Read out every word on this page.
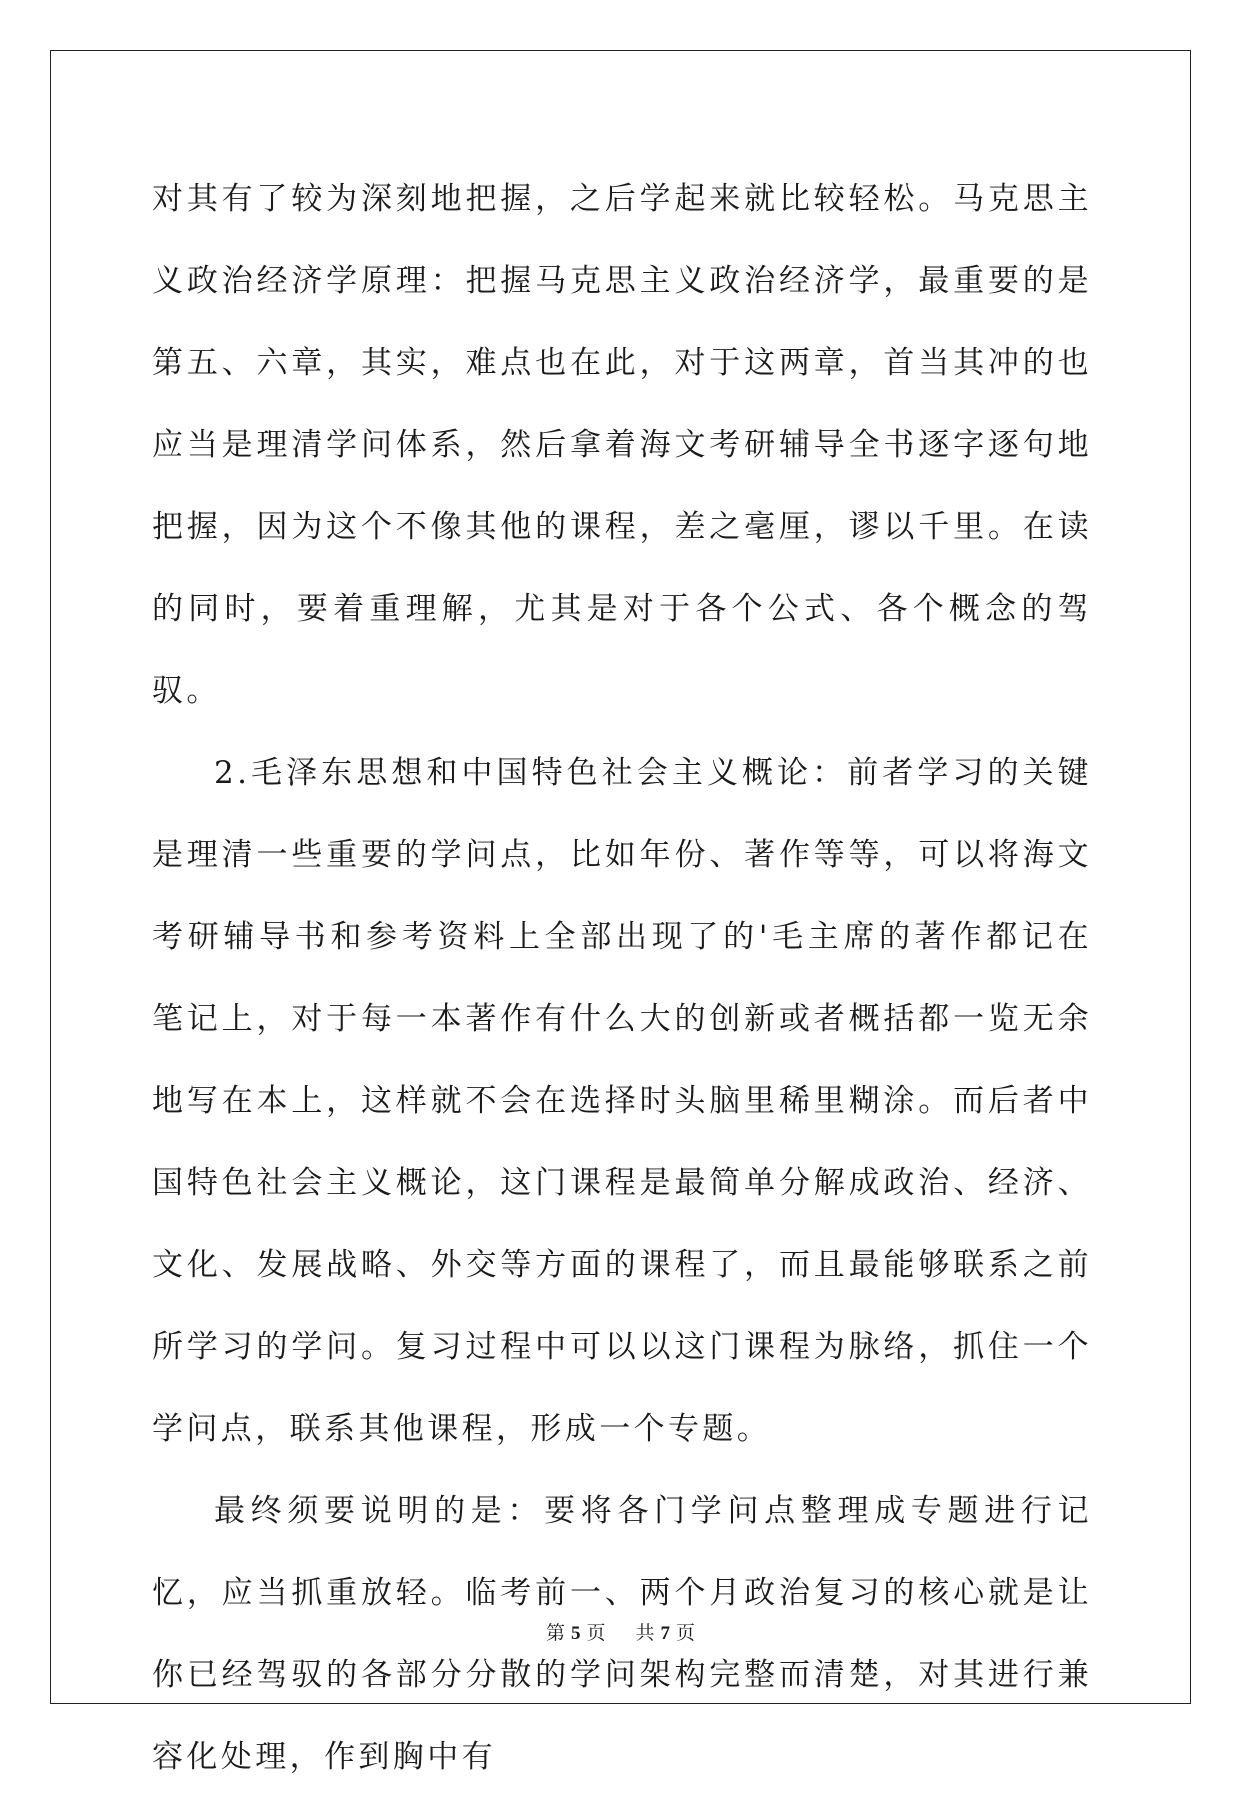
对其有了较为深刻地把握，之后学起来就比较轻松。马克思主义政治经济学原理：把握马克思主义政治经济学，最重要的是第五、六章，其实，难点也在此，对于这两章，首当其冲的也应当是理清学问体系，然后拿着海文考研辅导全书逐字逐句地把握，因为这个不像其他的课程，差之毫厘，谬以千里。在读的同时，要着重理解，尤其是对于各个公式、各个概念的驾驭。

2.毛泽东思想和中国特色社会主义概论：前者学习的关键是理清一些重要的学问点，比如年份、著作等等，可以将海文考研辅导书和参考资料上全部出现了的'毛主席的著作都记在笔记上，对于每一本著作有什么大的创新或者概括都一览无余地写在本上，这样就不会在选择时头脑里稀里糊涂。而后者中国特色社会主义概论，这门课程是最简单分解成政治、经济、文化、发展战略、外交等方面的课程了，而且最能够联系之前所学习的学问。复习过程中可以以这门课程为脉络，抓住一个学问点，联系其他课程，形成一个专题。

最终须要说明的是：要将各门学问点整理成专题进行记忆，应当抓重放轻。临考前一、两个月政治复习的核心就是让你已经驾驭的各部分分散的学问架构完整而清楚，对其进行兼容化处理，作到胸中有

第 5 页 共 7 页
